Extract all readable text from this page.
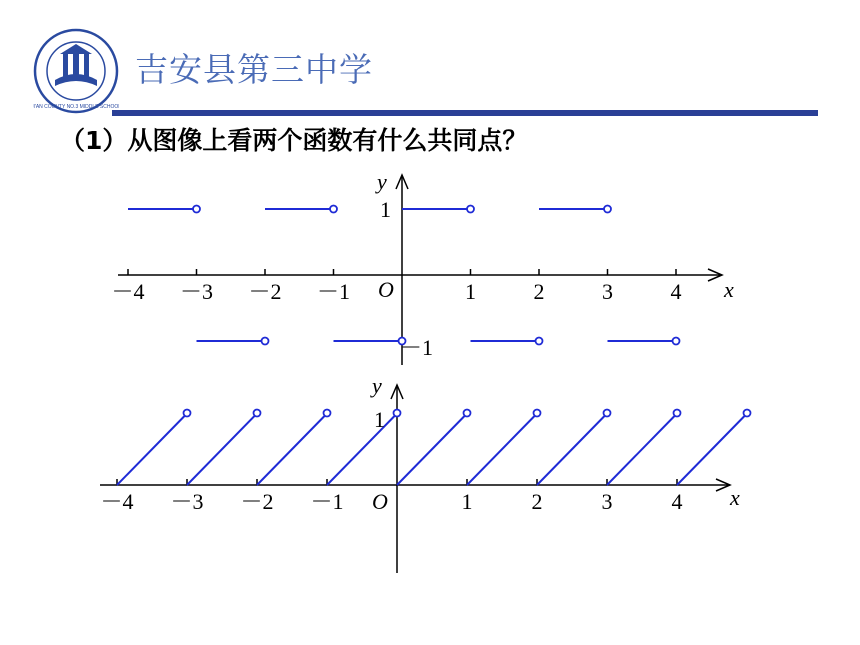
JI'AN COUNTY NO.3 MIDDLE SCHOOL
吉安县第三中学
（1）从图像上看两个函数有什么共同点？
－4 －3 －2 －1	1	2	3	4 x
y
O
1
－1
－4 －3 －2 －1	1	2	3	4 x
y
O
1
